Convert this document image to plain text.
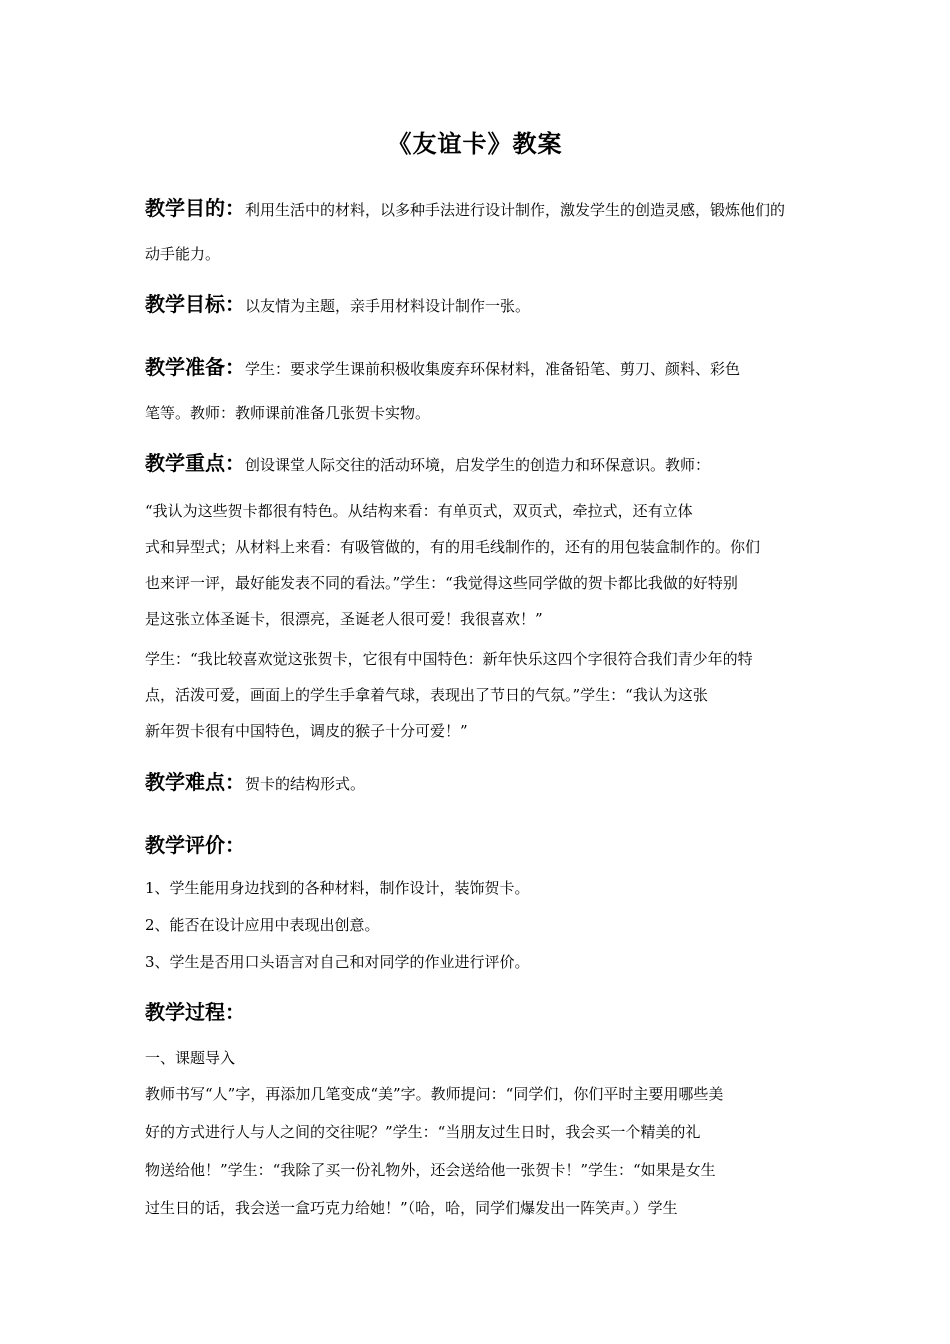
《友谊卡》教案
教学目的：利用生活中的材料，以多种手法进行设计制作，激发学生的创造灵感，锻炼他们的
动手能力。
教学目标：以友情为主题，亲手用材料设计制作一张。
教学准备：学生：要求学生课前积极收集废弃环保材料，准备铅笔、剪刀、颜料、彩色
笔等。教师：教师课前准备几张贺卡实物。
教学重点：创设课堂人际交往的活动环境，启发学生的创造力和环保意识。教师：
“我认为这些贺卡都很有特色。从结构来看：有单页式，双页式，牵拉式，还有立体
式和异型式；从材料上来看：有吸管做的，有的用毛线制作的，还有的用包装盒制作的。你们
也来评一评，最好能发表不同的看法。”学生：“我觉得这些同学做的贺卡都比我做的好特别
是这张立体圣诞卡，很漂亮，圣诞老人很可爱！我很喜欢！”
学生：“我比较喜欢觉这张贺卡，它很有中国特色：新年快乐这四个字很符合我们青少年的特
点，活泼可爱，画面上的学生手拿着气球，表现出了节日的气氛。”学生：“我认为这张
新年贺卡很有中国特色，调皮的猴子十分可爱！”
教学难点：贺卡的结构形式。
教学评价：
1、学生能用身边找到的各种材料，制作设计，装饰贺卡。
2、能否在设计应用中表现出创意。
3、学生是否用口头语言对自己和对同学的作业进行评价。
教学过程：
一、课题导入
教师书写“人”字，再添加几笔变成“美”字。教师提问：“同学们，你们平时主要用哪些美
好的方式进行人与人之间的交往呢？”学生：“当朋友过生日时，我会买一个精美的礼
物送给他！”学生：“我除了买一份礼物外，还会送给他一张贺卡！”学生：“如果是女生
过生日的话，我会送一盒巧克力给她！”（哈，哈，同学们爆发出一阵笑声。）学生
